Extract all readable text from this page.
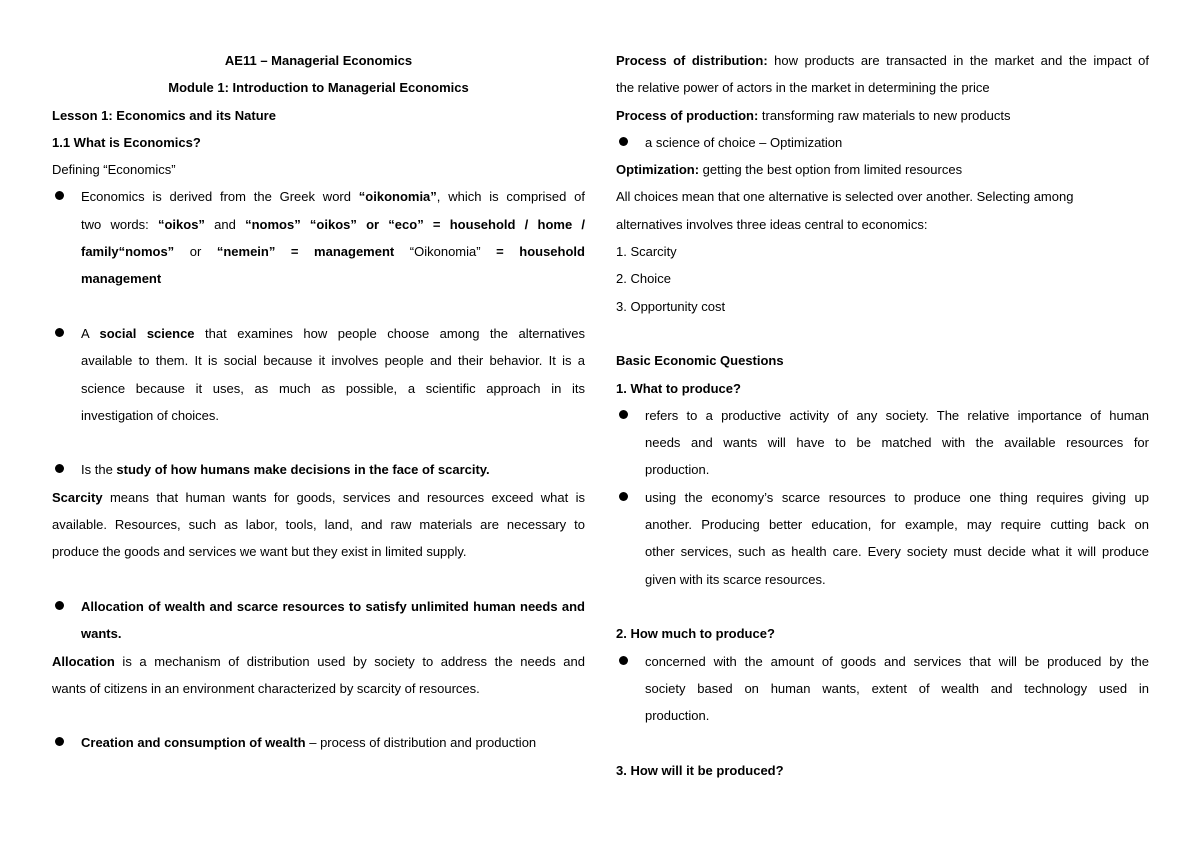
AE11 – Managerial Economics
Module 1: Introduction to Managerial Economics
Lesson 1: Economics and its Nature
1.1 What is Economics?
Defining “Economics”
Economics is derived from the Greek word “oikonomia”, which is comprised of
two words: “oikos” and “nomos” “oikos” or “eco” = household / home /
family“nomos” or “nemein” = management “Oikonomia” = household
management
A social science that examines how people choose among the alternatives
available to them. It is social because it involves people and their behavior. It is a
science because it uses, as much as possible, a scientific approach in its
investigation of choices.
Is the study of how humans make decisions in the face of scarcity.
Scarcity means that human wants for goods, services and resources exceed what is
available. Resources, such as labor, tools, land, and raw materials are necessary to
produce the goods and services we want but they exist in limited supply.
Allocation of wealth and scarce resources to satisfy unlimited human needs and
wants.
Allocation is a mechanism of distribution used by society to address the needs and
wants of citizens in an environment characterized by scarcity of resources.
Creation and consumption of wealth – process of distribution and production
Process of distribution: how products are transacted in the market and the impact of
the relative power of actors in the market in determining the price
Process of production: transforming raw materials to new products
a science of choice – Optimization
Optimization: getting the best option from limited resources
All choices mean that one alternative is selected over another. Selecting among
alternatives involves three ideas central to economics:
1. Scarcity
2. Choice
3. Opportunity cost
Basic Economic Questions
1. What to produce?
refers to a productive activity of any society. The relative importance of human
needs and wants will have to be matched with the available resources for
production.
using the economy’s scarce resources to produce one thing requires giving up
another. Producing better education, for example, may require cutting back on
other services, such as health care. Every society must decide what it will produce
given with its scarce resources.
2. How much to produce?
concerned with the amount of goods and services that will be produced by the
society based on human wants, extent of wealth and technology used in
production.
3. How will it be produced?
